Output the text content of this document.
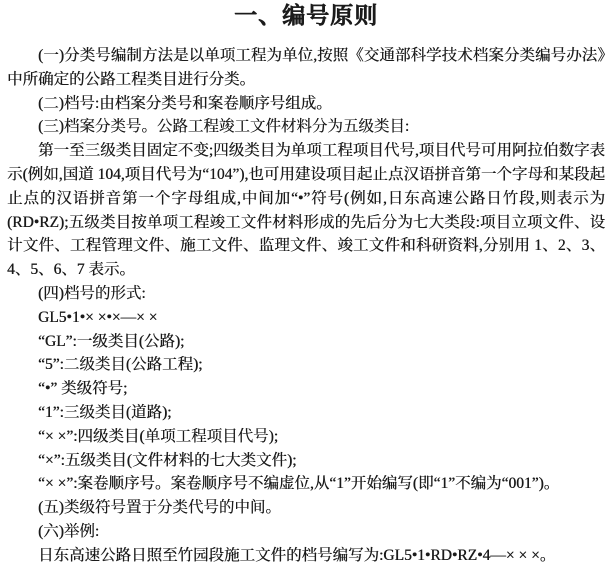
一、编号原则

(一)分类号编制方法是以单项工程为单位,按照《交通部科学技术档案分类编号办法》中所确定的公路工程类目进行分类。

(二)档号:由档案分类号和案卷顺序号组成。

(三)档案分类号。公路工程竣工文件材料分为五级类目:

第一至三级类目固定不变;四级类目为单项工程项目代号,项目代号可用阿拉伯数字表示(例如,国道 104,项目代号为“104”),也可用建设项目起止点汉语拼音第一个字母和某段起止点的汉语拼音第一个字母组成,中间加“•”符号(例如,日东高速公路日竹段,则表示为(RD•RZ);五级类目按单项工程竣工文件材料形成的先后分为七大类段:项目立项文件、设计文件、工程管理文件、施工文件、监理文件、竣工文件和科研资料,分别用 1、2、3、4、5、6、7 表示。

(四)档号的形式:

GL5•1•× ×•×—× ×

“GL”:一级类目(公路);

“5”:二级类目(公路工程);

“•” 类级符号;

“1”:三级类目(道路);

“× ×”:四级类目(单项工程项目代号);

“×”:五级类目(文件材料的七大类文件);

“× ×”:案卷顺序号。案卷顺序号不编虚位,从“1”开始编写(即“1”不编为“001”)。

(五)类级符号置于分类代号的中间。

(六)举例:

日东高速公路日照至竹园段施工文件的档号编写为:GL5•1•RD•RZ•4—× × ×。
